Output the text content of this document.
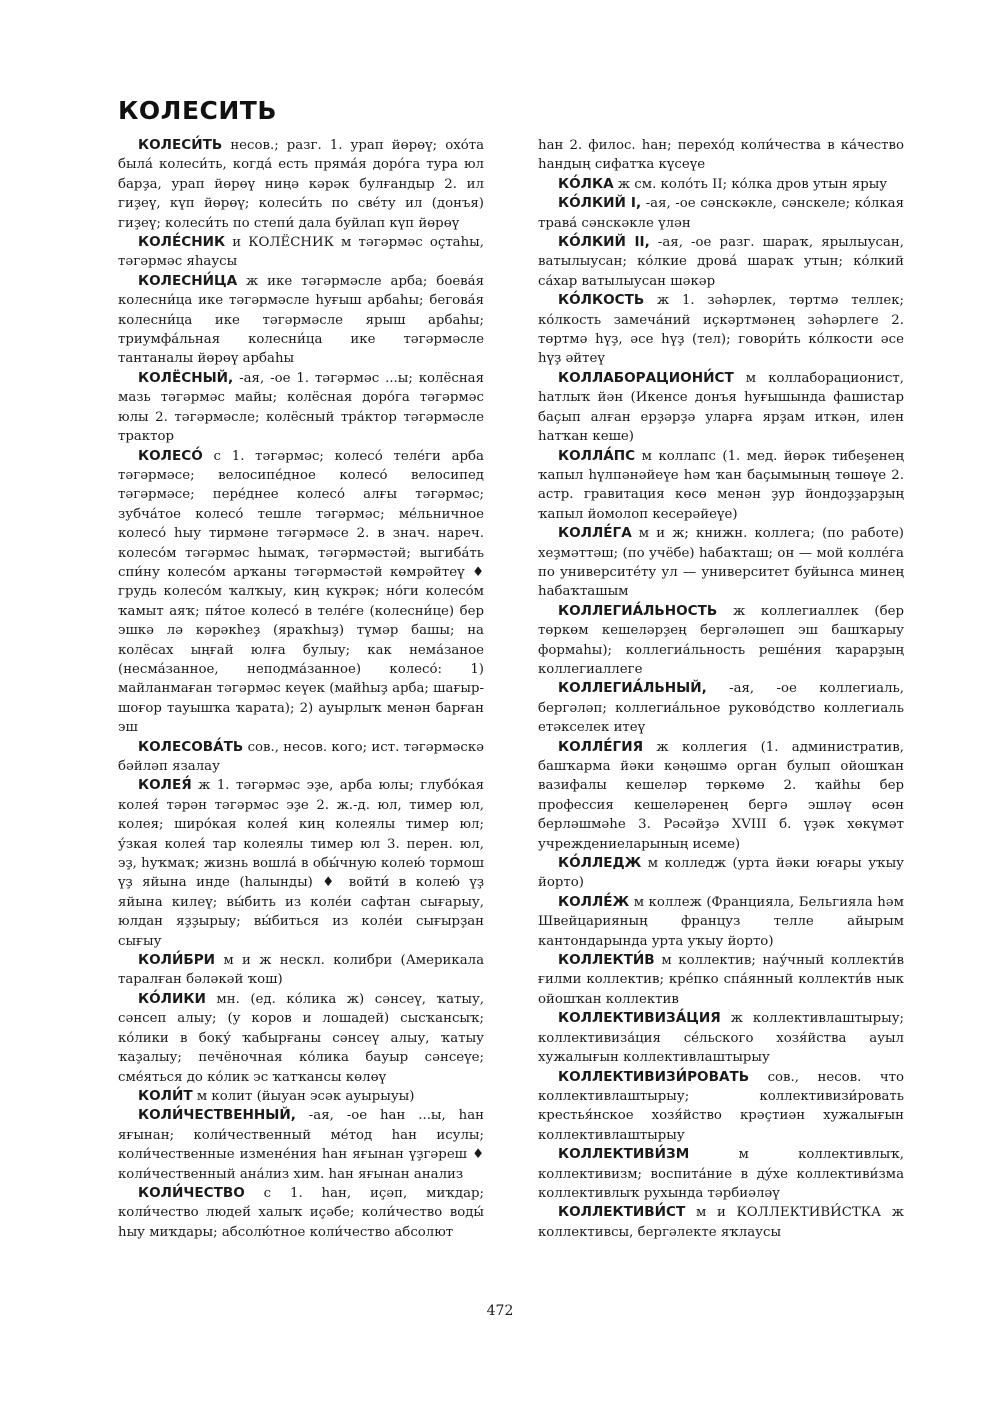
КОЛЕСИТЬ

КОЛЕСИ́ТЬ несов.; разг. 1. урап йөрөү; охо́та была́ колеси́ть, когда́ есть пряма́я доро́га тура юл барҙа, урап йөрөү ниңә кәрәк булғандыр 2. ил гиҙеү, күп йөрөү; колеси́ть по све́ту ил (донъя) гиҙеү; колеси́ть по степи́ дала буйлап күп йөрөү

КОЛЕ́СНИК и КОЛЁСНИК м тәгәрмәс оҫтаһы, тәгәрмәс яһаусы

КОЛЕСНИ́ЦА ж ике тәгәрмәсле арба; боева́я колесни́ца ике тәгәрмәсле һуғыш арбаһы; бегова́я колесни́ца ике тәгәрмәсле ярыш арбаһы; триумфа́льная колесни́ца ике тәгәрмәсле тантаналы йөрөү арбаһы

КОЛЁСНЫЙ, -ая, -ое 1. тәгәрмәс ...ы; колёсная мазь тәгәрмәс майы; колёсная доро́га тәгәрмәс юлы 2. тәгәрмәсле; колёсный тра́ктор тәгәрмәсле трактор

КОЛЕСО́ с 1. тәгәрмәс; колесо́ теле́ги арба тәгәрмәсе; велосипе́дное колесо́ велосипед тәгәрмәсе; пере́днее колесо́ алғы тәгәрмәс; зубча́тое колесо́ тешле тәгәрмәс; ме́льничное колесо́ һыу тирмәне тәгәрмәсе 2. в знач. нареч. колесо́м тәгәрмәс һымаҡ, тәгәрмәстәй; выгиба́ть спи́ну колесо́м арҡаны тәгәрмәстәй көмрәйтеү ♦ грудь колесо́м ҡалҡыу, киң күкрәк; но́ги колесо́м ҡамыт аяҡ; пя́тое колесо́ в теле́ге (колесни́це) бер эшкә лә кәрәкһеҙ (яраҡһыҙ) түмәр башы; на колёсах ыңғай юлға булыу; как нема́заное (несма́занное, неподма́занное) колесо́: 1) майланмаған тәгәрмәс кеүек (майһыҙ арба; шағыр-шоғор тауышҡа ҡарата); 2) ауырлыҡ менән барған эш

КОЛЕСОВА́ТЬ сов., несов. кого; ист. тәгәрмәскә бәйләп язалау

КОЛЕЯ́ ж 1. тәгәрмәс эҙе, арба юлы; глубо́кая колея́ тәрән тәгәрмәс эҙе 2. ж.-д. юл, тимер юл, колея; широ́кая колея́ киң колеялы тимер юл; у́зкая колея́ тар колеялы тимер юл 3. перен. юл, эҙ, һуҡмаҡ; жизнь вошла́ в обы́чную колею́ тормош үҙ яйына инде (һалынды) ♦ войти́ в колею́ үҙ яйына килеү; вы́бить из коле́и сафтан сығарыу, юлдан яҙҙырыу; вы́биться из коле́и сығырҙан сығыу

КОЛИ́БРИ м и ж нескл. колибри (Америкала таралған бәләкәй ҡош)

КО́ЛИКИ мн. (ед. ко́лика ж) сәнсеү, ҡатыу, сәнсеп алыу; (у коров и лошадей) сысҡансыҡ; ко́лики в боку́ ҡабырғаны сәнсеү алыу, ҡатыу ҡаҙалыу; печёночная ко́лика бауыр сәнсеүе; сме́яться до ко́лик эс ҡатҡансы көлөү

КОЛИ́Т м колит (йыуан эсәк ауырыуы)

КОЛИ́ЧЕСТВЕННЫЙ, -ая, -ое һан ...ы, һан яғынан; коли́чественный ме́тод һан исулы; коли́чественные измене́ния һан яғынан үҙгәреш ♦ коли́чественный ана́лиз хим. һан яғынан анализ

КОЛИ́ЧЕСТВО с 1. һан, иҫәп, миҡдар; коли́чество людей́ халыҡ иҫәбе; коли́чество воды́ һыу миҡдары; абсолю́тное коли́чество абсолют

һан 2. филос. һан; перехо́д коли́чества в ка́чество һандың сифатҡа күсеүе

КО́ЛКА ж см. коло́ть II; ко́лка дров утын ярыу

КО́ЛКИЙ I, -ая, -ое сәнскәкле, сәнскеле; ко́лкая трава́ сәнскәкле үлән

КО́ЛКИЙ II, -ая, -ое разг. шараҡ, ярылыусан, ватылыусан; ко́лкие дрова́ шараҡ утын; ко́лкий са́хар ватылыусан шәкәр

КО́ЛКОСТЬ ж 1. зәһәрлек, төртмә теллек; ко́лкость замеча́ний иҫкәртмәнең зәһәрлеге 2. төртмә һүҙ, әсе һүҙ (тел); говори́ть ко́лкости әсе һүҙ әйтеү

КОЛЛАБОРАЦИОНИ́СТ м коллаборационист, һатлыҡ йән (Икенсе донъя һуғышында фашистар баҫып алған ерҙәрҙә уларға ярҙам иткән, илен һатҡан кеше)

КОЛЛА́ПС м коллапс (1. мед. йөрәк тибеşенең ҡапыл һүлпәнәйеүе һәм ҡан баҫымының төшөүе 2. астр. гравитация көсө менән ҙур йондоҙҙарҙың ҡапыл йомолоп кесерәйеүе)

КОЛЛЕ́ГА м и ж; книжн. коллега; (по работе) хеҙмәттәш; (по учёбе) һабаҡташ; он — мой колле́га по университе́ту ул — университет буйынса минең һабаҡташым

КОЛЛЕГИА́ЛЬНОСТЬ ж коллегиаллек (бер төркөм кешеләрҙең бергәләшеп эш башҡарыу формаһы); коллегиа́льность реше́ния ҡарарҙың коллегиаллеге

КОЛЛЕГИА́ЛЬНЫЙ, -ая, -ое коллегиаль, бергәләп; коллегиа́льное руково́дство коллегиаль етәкселек итеү

КОЛЛЕ́ГИЯ ж коллегия (1. административ, башҡарма йәки кәңәшмә орган булып ойошҡан вазифалы кешеләр төркөмө 2. ҡайһы бер профессия кешеләренең бергә эшләү өсөн берләшмәһе 3. Рәсәйҙә XVIII б. үҙәк хөкүмәт учреждениеларының исеме)

КО́ЛЛЕДЖ м колледж (урта йәки юғары уҡыу йорто)

КОЛЛЕ́Ж м коллеж (Францияла, Бельгияла һәм Швейцарияның француз телле айырым кантондарында урта уҡыу йорто)

КОЛЛЕКТИ́В м коллектив; нау́чный коллекти́в ғилми коллектив; кре́пко спа́янный коллекти́в нык ойошҡан коллектив

КОЛЛЕКТИВИЗА́ЦИЯ ж коллективлаштырыу; коллективиза́ция се́льского хозя́йства ауыл хужалығын коллективлаштырыу

КОЛЛЕКТИВИЗИ́РОВАТЬ сов., несов. что коллективлаштырыу; коллективизи́ровать крестья́нское хозя́йство крәҫтиән хужалығын коллективлаштырыу

КОЛЛЕКТИВИ́ЗМ м коллективлыҡ, коллективизм; воспита́ние в ду́хе коллективи́зма коллективлыҡ рухында тәрбиәләү

КОЛЛЕКТИВИ́СТ м и КОЛЛЕКТИВИ́СТКА ж коллективсы, бергәлекте яҡлаусы

472
